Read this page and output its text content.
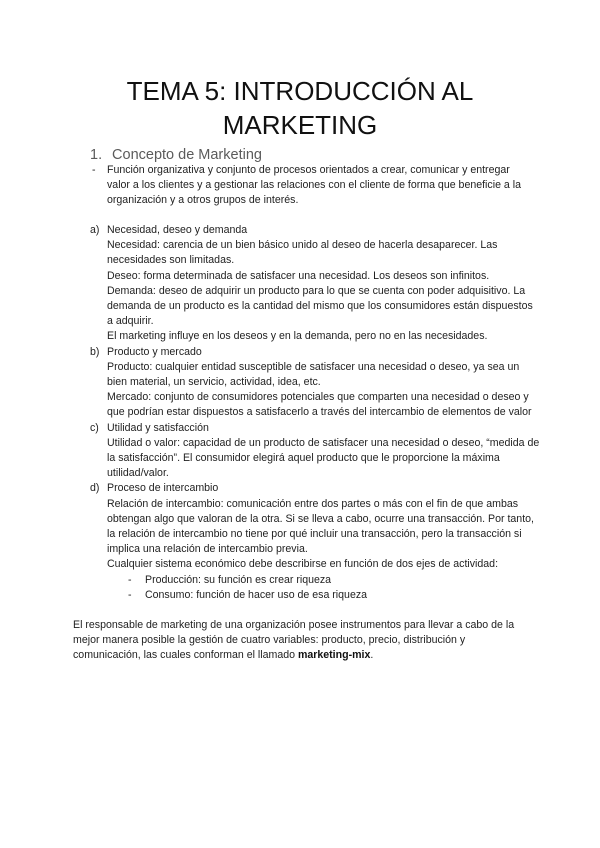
TEMA 5: INTRODUCCIÓN AL
MARKETING
1. Concepto de Marketing
- Función organizativa y conjunto de procesos orientados a crear, comunicar y entregar valor a los clientes y a gestionar las relaciones con el cliente de forma que beneficie a la organización y a otros grupos de interés.
a) Necesidad, deseo y demanda

Necesidad: carencia de un bien básico unido al deseo de hacerla desaparecer. Las necesidades son limitadas.

Deseo: forma determinada de satisfacer una necesidad. Los deseos son infinitos.

Demanda: deseo de adquirir un producto para lo que se cuenta con poder adquisitivo. La demanda de un producto es la cantidad del mismo que los consumidores están dispuestos a adquirir.

El marketing influye en los deseos y en la demanda, pero no en las necesidades.

b) Producto y mercado

Producto: cualquier entidad susceptible de satisfacer una necesidad o deseo, ya sea un bien material, un servicio, actividad, idea, etc.

Mercado: conjunto de consumidores potenciales que comparten una necesidad o deseo y que podrían estar dispuestos a satisfacerlo a través del intercambio de elementos de valor

c) Utilidad y satisfacción

Utilidad o valor: capacidad de un producto de satisfacer una necesidad o deseo, “medida de la satisfacción”. El consumidor elegirá aquel producto que le proporcione la máxima utilidad/valor.

d) Proceso de intercambio

Relación de intercambio: comunicación entre dos partes o más con el fin de que ambas obtengan algo que valoran de la otra. Si se lleva a cabo, ocurre una transacción. Por tanto, la relación de intercambio no tiene por qué incluir una transacción, pero la transacción si implica una relación de intercambio previa.

Cualquier sistema económico debe describirse en función de dos ejes de actividad:

- Producción: su función es crear riqueza
- Consumo: función de hacer uso de esa riqueza
El responsable de marketing de una organización posee instrumentos para llevar a cabo de la mejor manera posible la gestión de cuatro variables: producto, precio, distribución y comunicación, las cuales conforman el llamado marketing-mix.
